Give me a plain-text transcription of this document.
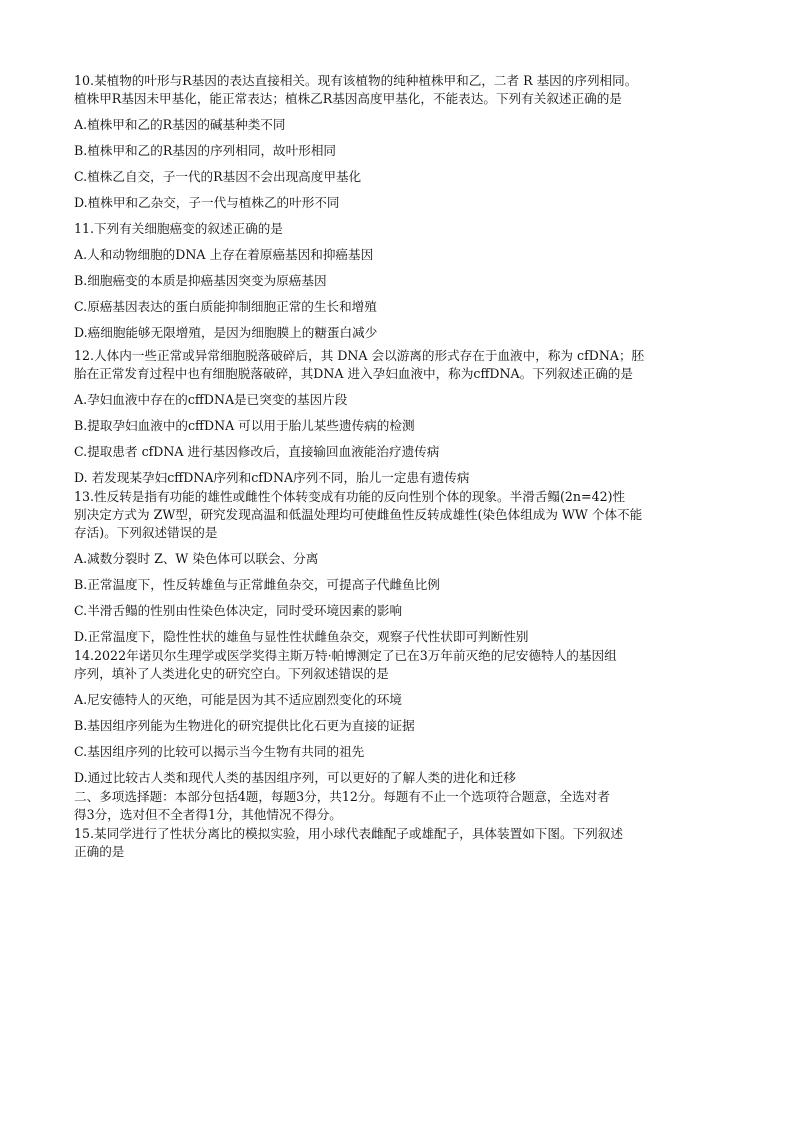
10.某植物的叶形与R基因的表达直接相关。现有该植物的纯种植株甲和乙，二者 R 基因的序列相同。
植株甲R基因未甲基化，能正常表达；植株乙R基因高度甲基化，不能表达。下列有关叙述正确的是
A.植株甲和乙的R基因的碱基种类不同
B.植株甲和乙的R基因的序列相同，故叶形相同
C.植株乙自交，子一代的R基因不会出现高度甲基化
D.植株甲和乙杂交，子一代与植株乙的叶形不同
11.下列有关细胞癌变的叙述正确的是
A.人和动物细胞的DNA 上存在着原癌基因和抑癌基因
B.细胞癌变的本质是抑癌基因突变为原癌基因
C.原癌基因表达的蛋白质能抑制细胞正常的生长和增殖
D.癌细胞能够无限增殖，是因为细胞膜上的糖蛋白减少
12.人体内一些正常或异常细胞脱落破碎后，其 DNA 会以游离的形式存在于血液中，称为 cfDNA；胚
胎在正常发育过程中也有细胞脱落破碎，其DNA 进入孕妇血液中，称为cffDNA。下列叙述正确的是
A.孕妇血液中存在的cffDNA是已突变的基因片段
B.提取孕妇血液中的cffDNA 可以用于胎儿某些遗传病的检测
C.提取患者 cfDNA 进行基因修改后，直接输回血液能治疗遗传病
D. 若发现某孕妇cffDNA序列和cfDNA序列不同，胎儿一定患有遗传病
13.性反转是指有功能的雄性或雌性个体转变成有功能的反向性别个体的现象。半滑舌鳎(2n=42)性
别决定方式为 ZW型，研究发现高温和低温处理均可使雌鱼性反转成雄性(染色体组成为 WW 个体不能
存活)。下列叙述错误的是
A.减数分裂时 Z、W 染色体可以联会、分离
B.正常温度下，性反转雄鱼与正常雌鱼杂交，可提高子代雌鱼比例
C.半滑舌鳎的性别由性染色体决定，同时受环境因素的影响
D.正常温度下，隐性性状的雄鱼与显性性状雌鱼杂交，观察子代性状即可判断性别
14.2022年诺贝尔生理学或医学奖得主斯万特·帕博测定了已在3万年前灭绝的尼安德特人的基因组
序列，填补了人类进化史的研究空白。下列叙述错误的是
A.尼安德特人的灭绝，可能是因为其不适应剧烈变化的环境
B.基因组序列能为生物进化的研究提供比化石更为直接的证据
C.基因组序列的比较可以揭示当今生物有共同的祖先
D.通过比较古人类和现代人类的基因组序列，可以更好的了解人类的进化和迁移
二、多项选择题：本部分包括4题，每题3分，共12分。每题有不止一个选项符合题意，全选对者
得3分，选对但不全者得1分，其他情况不得分。
15.某同学进行了性状分离比的模拟实验，用小球代表雌配子或雄配子，具体装置如下图。下列叙述
正确的是
